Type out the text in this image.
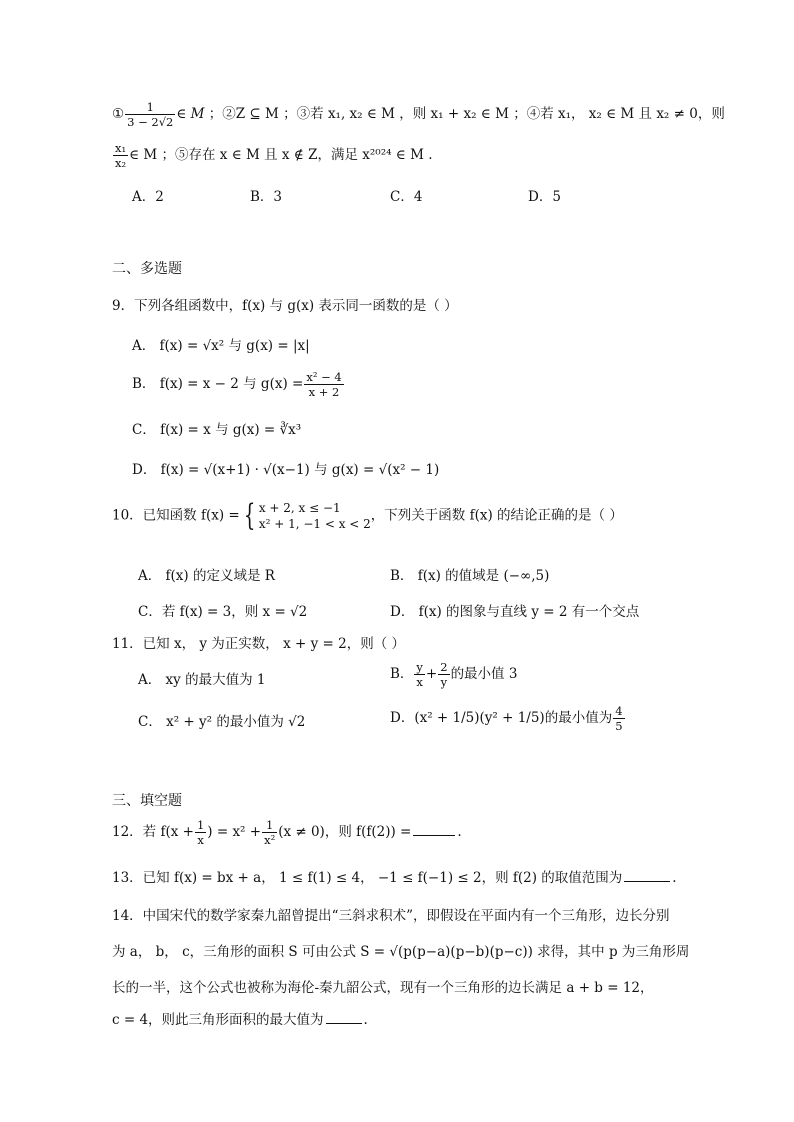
① $\frac{1}{3 - 2√2}$ ∈ M ；②Z ⊆ M ；③若 x₁, x₂ ∈ M ，则 x₁ + x₂ ∈ M ；④若 x₁， x₂ ∈ M 且 x₂ ≠ 0，则
$\frac{\text{x₁}}{\text{x₂}}$ ∈ M ；⑤存在 x ∈ M 且 x ∉ Z，满足 x²⁰²⁴ ∈ M .
A．2	B．3	C．4	D．5
二、多选题
9．下列各组函数中，f(x) 与 g(x) 表示同一函数的是（ ）
A． f(x) = √x² 与 g(x) = |x|
B． f(x) = x − 2 与 $g(x) = \frac{\text{x² − 4}}{x + 2}$
C． f(x) = x 与 g(x) = ∛x³
D． f(x) = √(x+1) · √(x−1) 与 g(x) = √(x² − 1)
10．已知函数 f(x) = { x + 2, x ≤ −1
x² + 1, −1 < x < 2
，下列关于函数 f(x) 的结论正确的是（ ）
A． f(x) 的定义域是 R	B． f(x) 的值域是 (−∞,5)
C．若 f(x) = 3，则 x = √2	D． f(x) 的图象与直线 y = 2 有一个交点
11．已知 x， y 为正实数， x + y = 2，则（ ）
A． xy 的最大值为 1	B． $\frac{y}{x} + \frac{2}{y}$ 的最小值 3
C． x² + y² 的最小值为 √2	D．(x² + 1/5)(y² + 1/5)的最小值为 $\frac{4}{5}$
三、填空题
12．若 $f(x + \frac{1}{x}$ ) = $x^2 + \frac{1}{\text{x²}} (x \ne 0)$，则 f(f(2)) =	.
13．已知 f(x) = bx + a， 1 ≤ f(1) ≤ 4， −1 ≤ f(−1) ≤ 2，则 f(2) 的取值范围为	.
14．中国宋代的数学家秦九韶曾提出“三斜求积术”，即假设在平面内有一个三角形，边长分别
为 a， b， c，三角形的面积 S 可由公式 S = √(p(p−a)(p−b)(p−c)) 求得，其中 p 为三角形周
长的一半，这个公式也被称为海伦-秦九韶公式，现有一个三角形的边长满足 a + b = 12，
c = 4，则此三角形面积的最大值为	.
